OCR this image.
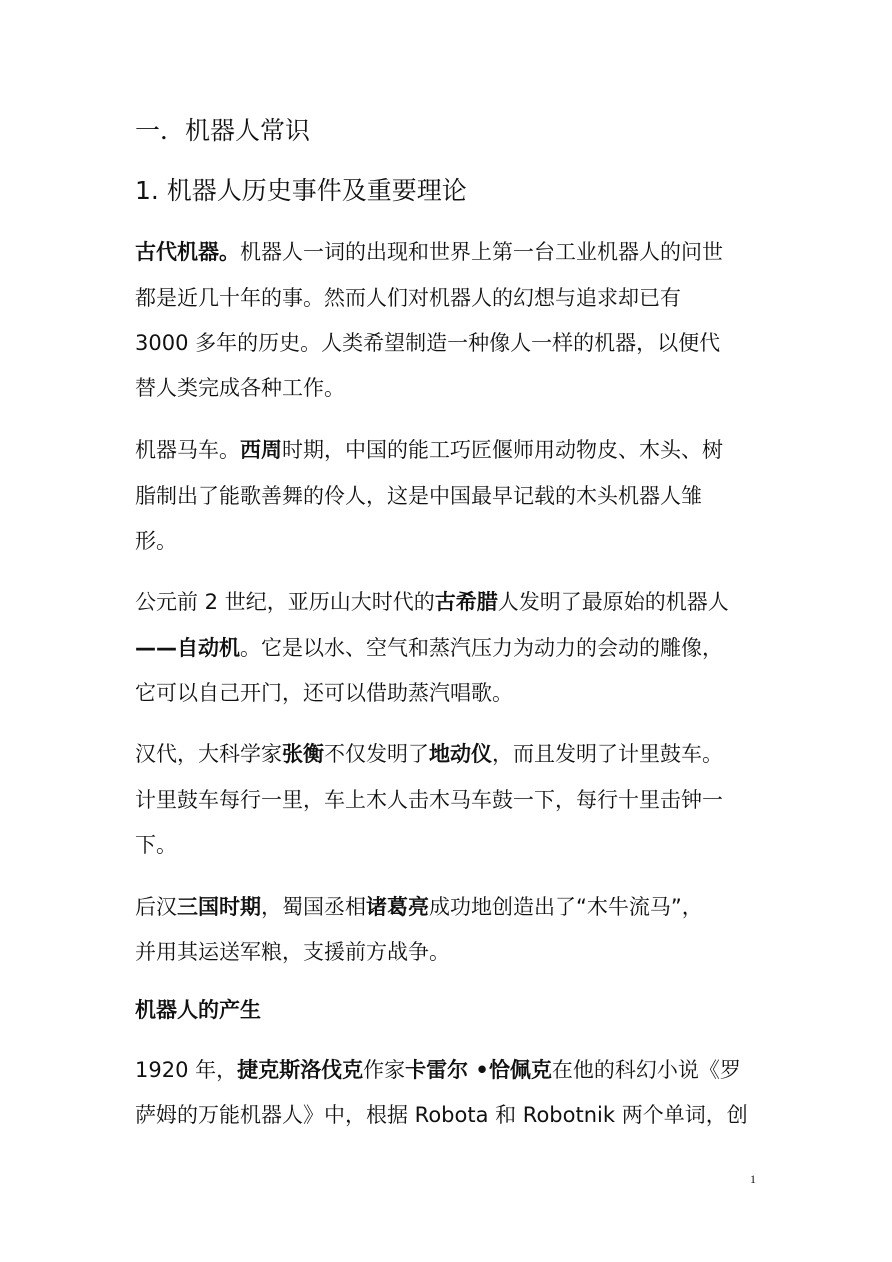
一．机器人常识
1. 机器人历史事件及重要理论
古代机器。机器人一词的出现和世界上第一台工业机器人的问世
都是近几十年的事。然而人们对机器人的幻想与追求却已有
3000 多年的历史。人类希望制造一种像人一样的机器，以便代
替人类完成各种工作。
机器马车。西周时期，中国的能工巧匠偃师用动物皮、木头、树
脂制出了能歌善舞的伶人，这是中国最早记载的木头机器人雏
形。
公元前 2 世纪，亚历山大时代的古希腊人发明了最原始的机器人
——自动机。它是以水、空气和蒸汽压力为动力的会动的雕像，
它可以自己开门，还可以借助蒸汽唱歌。
汉代，大科学家张衡不仅发明了地动仪，而且发明了计里鼓车。
计里鼓车每行一里，车上木人击木马车鼓一下，每行十里击钟一
下。
后汉三国时期，蜀国丞相诸葛亮成功地创造出了“木牛流马”，
并用其运送军粮，支援前方战争。
机器人的产生
1920 年，捷克斯洛伐克作家卡雷尔 •恰佩克在他的科幻小说《罗
萨姆的万能机器人》中，根据 Robota 和 Robotnik 两个单词，创
1
